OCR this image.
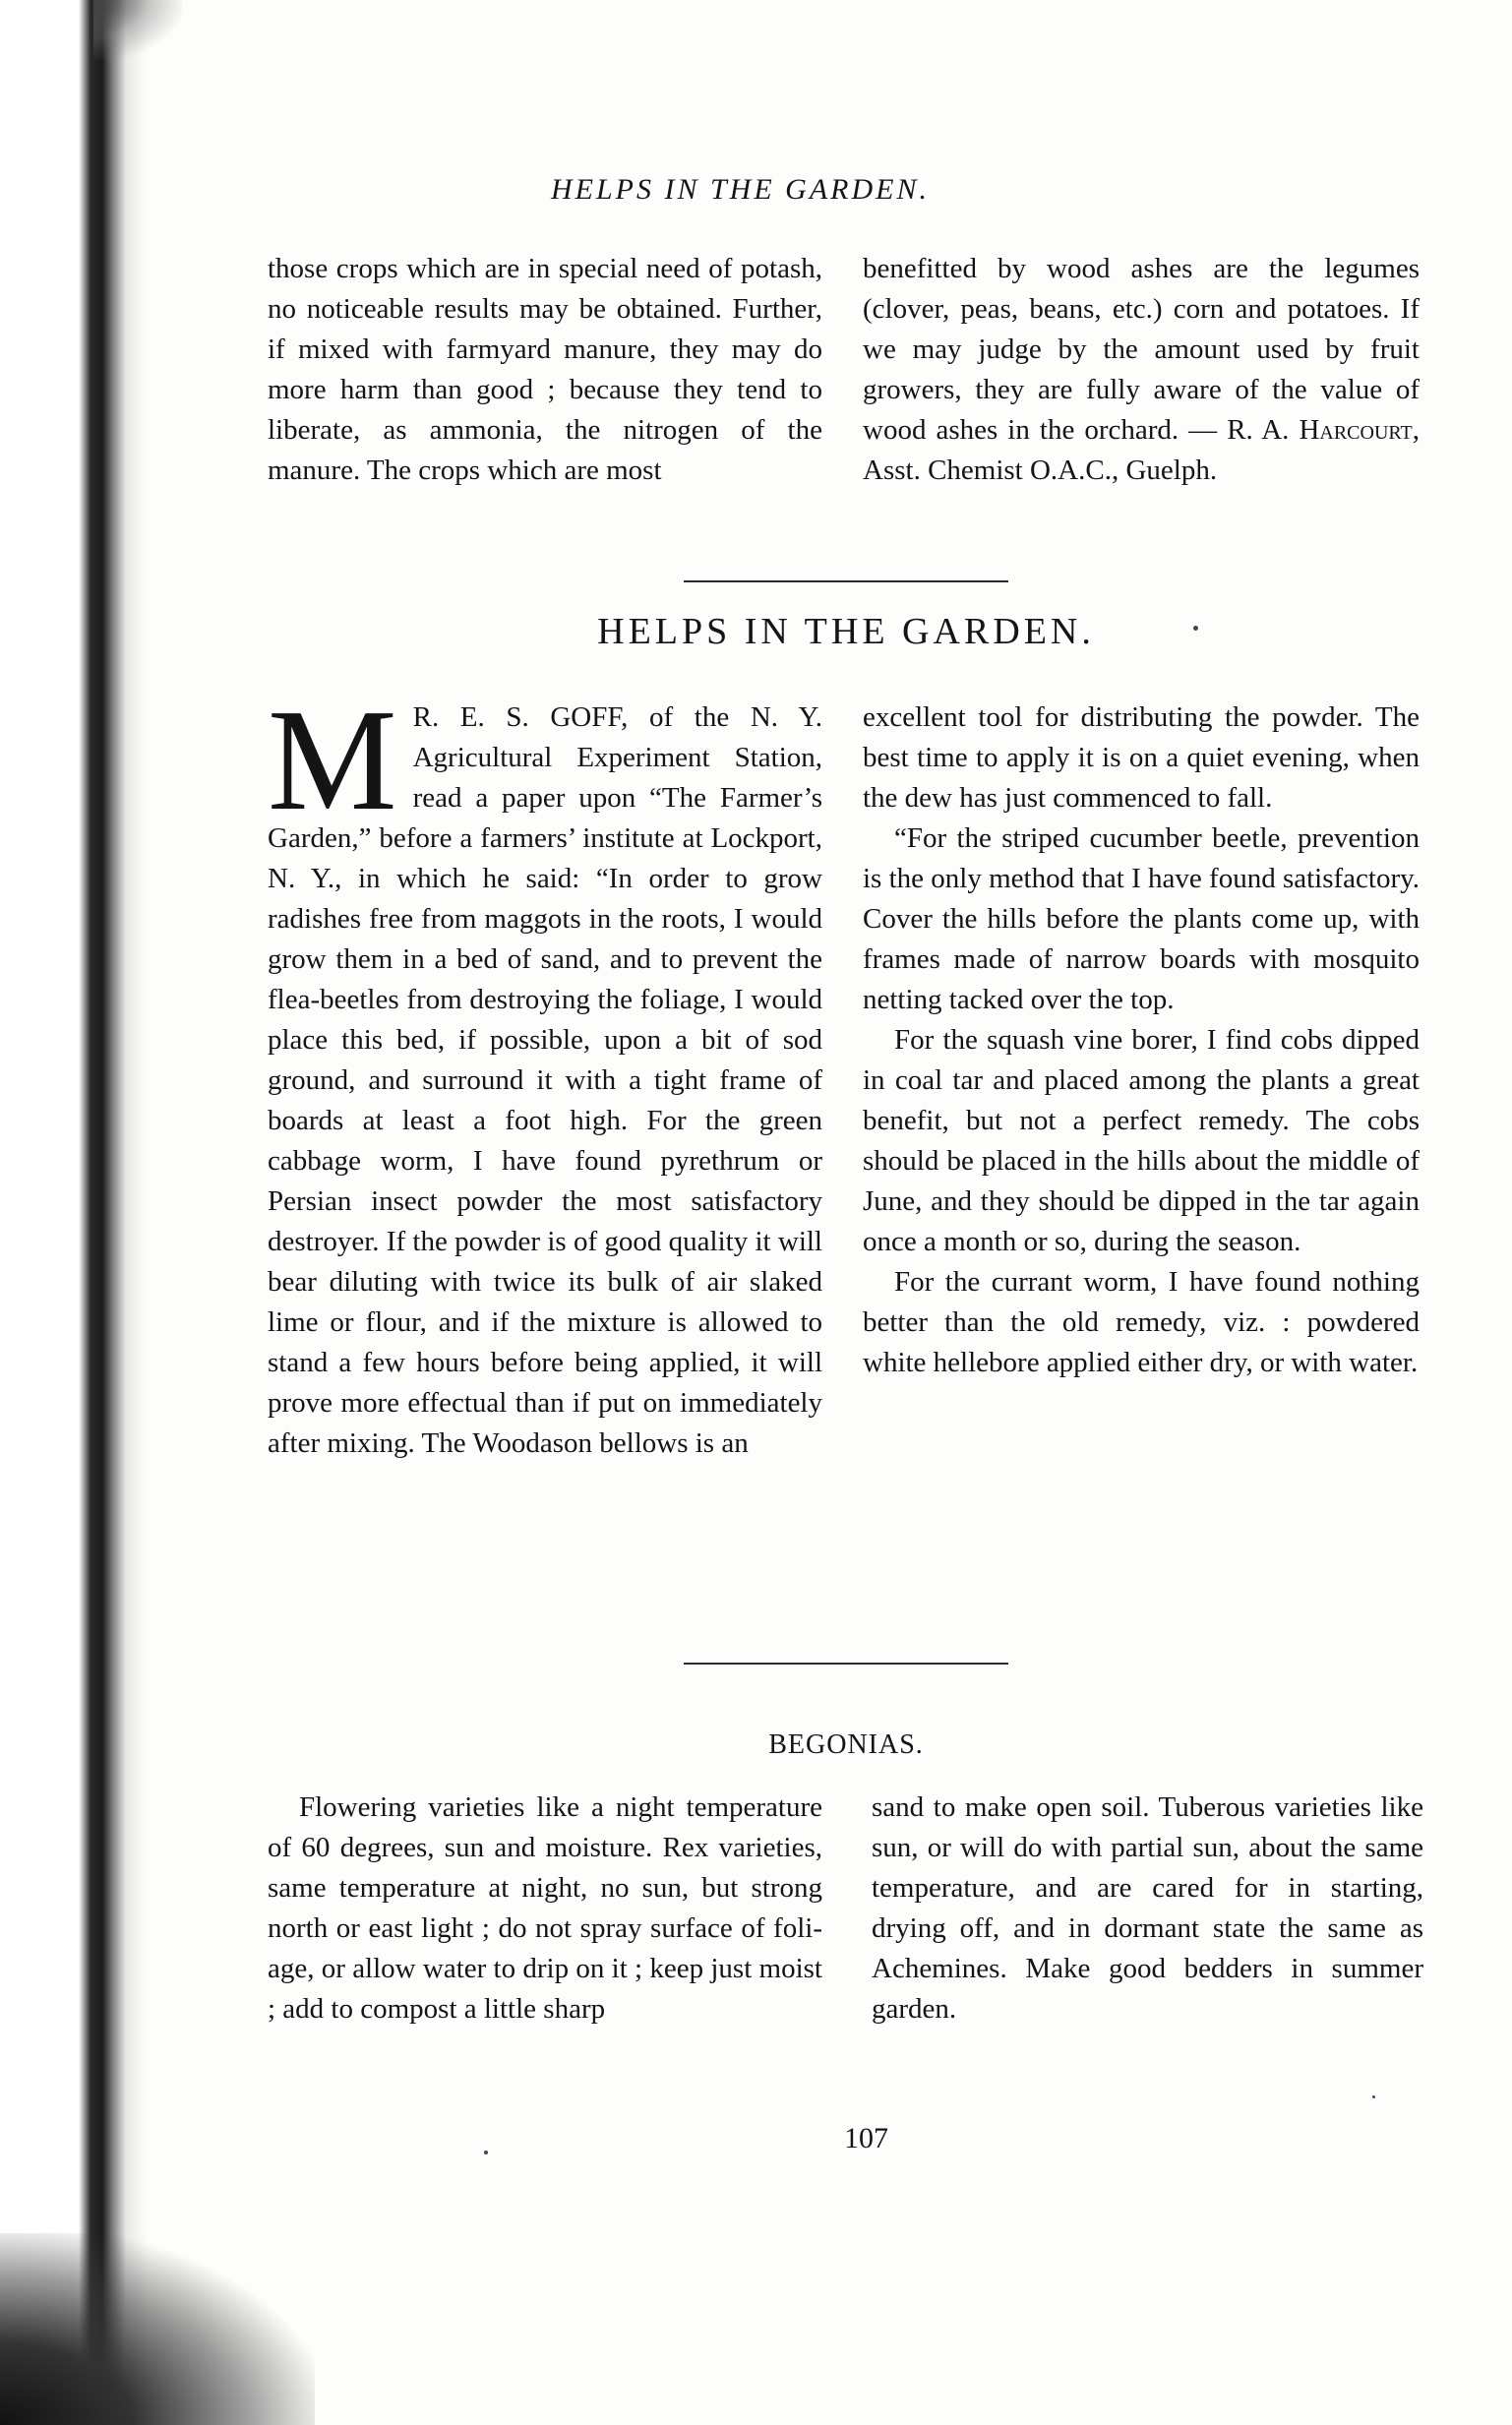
HELPS IN THE GARDEN.

those crops which are in special need of potash, no noticeable results may be obtained. Further, if mixed with farmyard manure, they may do more harm than good ; because they tend to liberate, as ammonia, the nitrogen of the manure. The crops which are most

benefitted by wood ashes are the legumes (clover, peas, beans, etc.) corn and potatoes. If we may judge by the amount used by fruit growers, they are fully aware of the value of wood ashes in the orchard. — R. A. Harcourt, Asst. Chemist O.A.C., Guelph.

HELPS IN THE GARDEN.

M R. E. S. GOFF, of the N. Y. Agricultural Experiment Station, read a paper upon “The Farmer’s Garden,” before a farmers’ institute at Lockport, N. Y., in which he said: “In order to grow radishes free from maggots in the roots, I would grow them in a bed of sand, and to prevent the flea-beetles from destroying the foliage, I would place this bed, if possible, upon a bit of sod ground, and surround it with a tight frame of boards at least a foot high. For the green cabbage worm, I have found pyrethrum or Persian insect powder the most satisfactory destroyer. If the powder is of good quality it will bear diluting with twice its bulk of air slaked lime or flour, and if the mixture is allowed to stand a few hours before being applied, it will prove more effectual than if put on immediately after mixing. The Woodason bellows is an

excellent tool for distributing the powder. The best time to apply it is on a quiet evening, when the dew has just commenced to fall.

“For the striped cucumber beetle, prevention is the only method that I have found satisfactory. Cover the hills before the plants come up, with frames made of narrow boards with mosquito netting tacked over the top.

For the squash vine borer, I find cobs dipped in coal tar and placed among the plants a great benefit, but not a perfect remedy. The cobs should be placed in the hills about the middle of June, and they should be dipped in the tar again once a month or so, during the season.

For the currant worm, I have found nothing better than the old remedy, viz. : powdered white hellebore applied either dry, or with water.

BEGONIAS.

Flowering varieties like a night temperature of 60 degrees, sun and moisture. Rex varieties, same temperature at night, no sun, but strong north or east light ; do not spray surface of foliage, or allow water to drip on it ; keep just moist ; add to compost a little sharp

sand to make open soil. Tuberous varieties like sun, or will do with partial sun, about the same temperature, and are cared for in starting, drying off, and in dormant state the same as Achemines. Make good bedders in summer garden.

107
